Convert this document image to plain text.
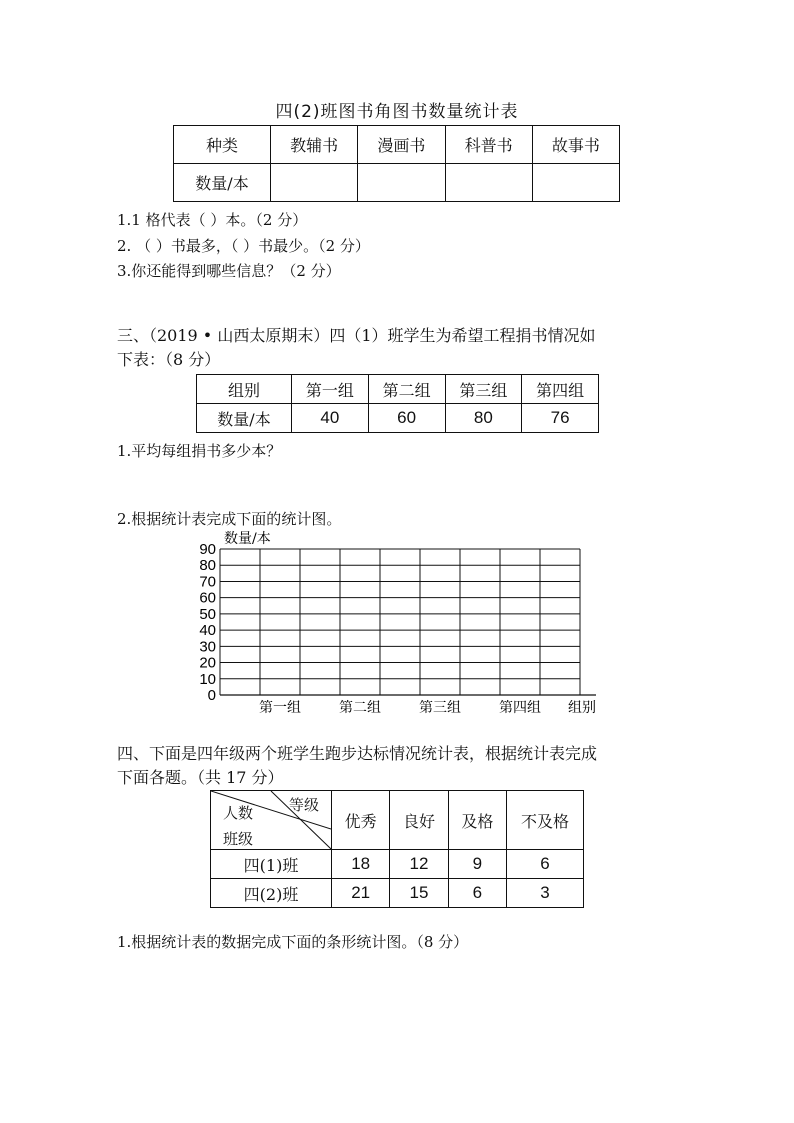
四(2)班图书角图书数量统计表
种类	教辅书	漫画书	科普书	故事书
数量/本				
1.1 格代表（ ）本。（2 分）
2. （ ）书最多，（ ）书最少。（2 分）
3.你还能得到哪些信息？（2 分）
三、（2019 • 山西太原期末）四（1）班学生为希望工程捐书情况如
下表：（8 分）
组别	第一组	第二组	第三组	第四组
数量/本	40	60	80	76
1.平均每组捐书多少本？
2.根据统计表完成下面的统计图。
0
10
20
30
40
50
60
70
80
90
第一组	第二组	第三组	第四组
数量/本
组别
四、下面是四年级两个班学生跑步达标情况统计表，根据统计表完成
下面各题。（共 17 分）
等级
人数
班级	优秀	良好	及格	不及格
四(1)班	18	12	9	6
四(2)班	21	15	6	3
1.根据统计表的数据完成下面的条形统计图。（8 分）
